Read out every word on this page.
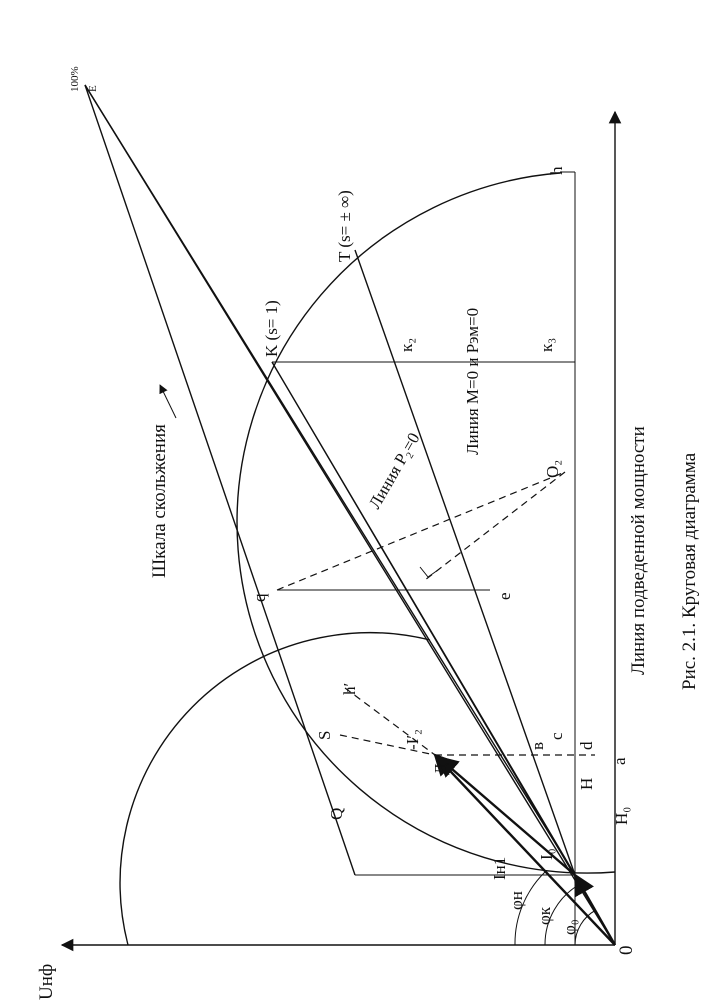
Uнф
0
Линия подведенной мощности Рис. 2.1. Круговая диаграмма
Шкала скольжения
100%
Линия P₂=0
Линия M=0 и Pэм=0
E
h
T (s= ± ∞)
K (s= 1)	к₂	к₃
O₂
q	e
S
h′
Q
Д
-I′₂	в
c
d
a
H
H₀
I₀
Iн1
φн
φк
φ₀
